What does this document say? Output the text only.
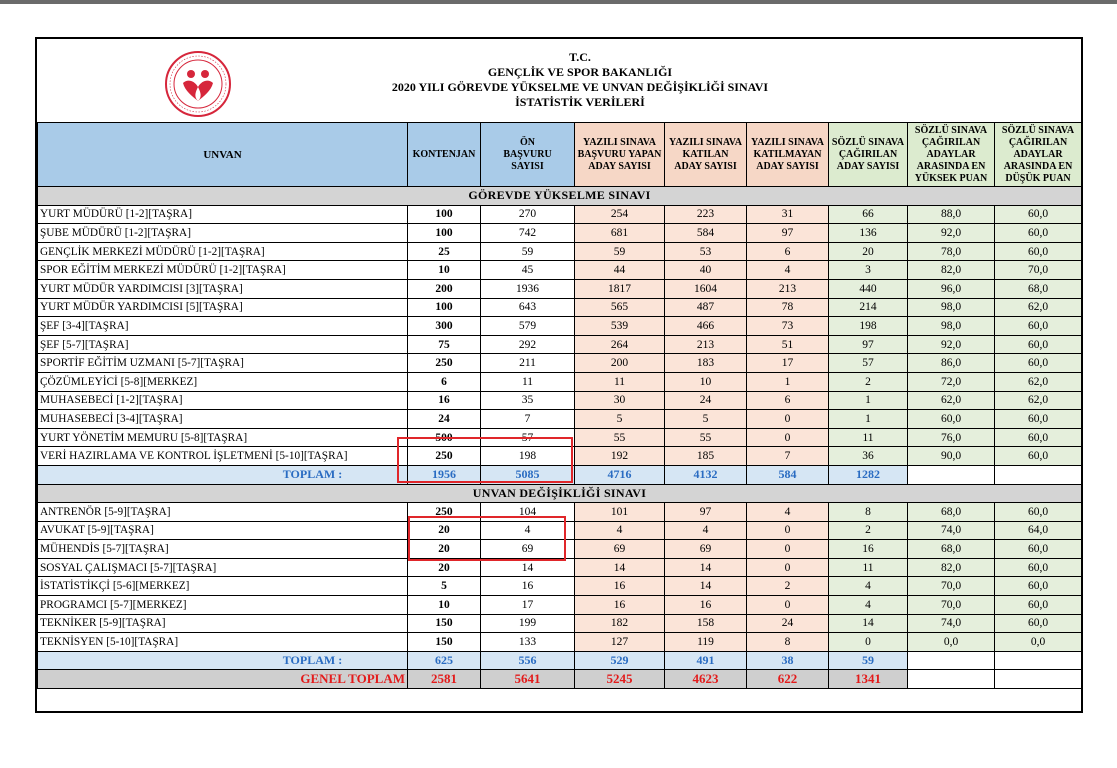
T.C.
GENÇLİK VE SPOR BAKANLIĞI
2020 YILI GÖREVDE YÜKSELME VE UNVAN DEĞİŞİKLİĞİ SINAVI
İSTATİSTİK VERİLERİ
UNVAN	KONTENJAN	ÖN BAŞVURU SAYISI	YAZILI SINAVA BAŞVURU YAPAN ADAY SAYISI	YAZILI SINAVA KATILAN ADAY SAYISI	YAZILI SINAVA KATILMAYAN ADAY SAYISI	SÖZLÜ SINAVA ÇAĞIRILAN ADAY SAYISI	SÖZLÜ SINAVA ÇAĞIRILAN ADAYLAR ARASINDA EN YÜKSEK PUAN	SÖZLÜ SINAVA ÇAĞIRILAN ADAYLAR ARASINDA EN DÜŞÜK PUAN
GÖREVDE YÜKSELME SINAVI								
YURT MÜDÜRÜ [1-2][TAŞRA]	100	270	254	223	31	66	88,0	60,0
ŞUBE MÜDÜRÜ [1-2][TAŞRA]	100	742	681	584	97	136	92,0	60,0
GENÇLİK MERKEZİ MÜDÜRÜ [1-2][TAŞRA]	25	59	59	53	6	20	78,0	60,0
SPOR EĞİTİM MERKEZİ MÜDÜRÜ [1-2][TAŞRA]	10	45	44	40	4	3	82,0	70,0
YURT MÜDÜR YARDIMCISI [3][TAŞRA]	200	1936	1817	1604	213	440	96,0	68,0
YURT MÜDÜR YARDIMCISI [5][TAŞRA]	100	643	565	487	78	214	98,0	62,0
ŞEF [3-4][TAŞRA]	300	579	539	466	73	198	98,0	60,0
ŞEF [5-7][TAŞRA]	75	292	264	213	51	97	92,0	60,0
SPORTİF EĞİTİM UZMANI [5-7][TAŞRA]	250	211	200	183	17	57	86,0	60,0
ÇÖZÜMLEYİCİ [5-8][MERKEZ]	6	11	11	10	1	2	72,0	62,0
MUHASEBECİ [1-2][TAŞRA]	16	35	30	24	6	1	62,0	62,0
MUHASEBECİ [3-4][TAŞRA]	24	7	5	5	0	1	60,0	60,0
YURT YÖNETİM MEMURU [5-8][TAŞRA]	500	57	55	55	0	11	76,0	60,0
VERİ HAZIRLAMA VE KONTROL İŞLETMENİ [5-10][TAŞRA]	250	198	192	185	7	36	90,0	60,0
TOPLAM :	1956	5085	4716	4132	584	1282		
UNVAN DEĞİŞİKLİĞİ SINAVI								
ANTRENÖR [5-9][TAŞRA]	250	104	101	97	4	8	68,0	60,0
AVUKAT [5-9][TAŞRA]	20	4	4	4	0	2	74,0	64,0
MÜHENDİS [5-7][TAŞRA]	20	69	69	69	0	16	68,0	60,0
SOSYAL ÇALIŞMACI [5-7][TAŞRA]	20	14	14	14	0	11	82,0	60,0
İSTATİSTİKÇİ [5-6][MERKEZ]	5	16	16	14	2	4	70,0	60,0
PROGRAMCI [5-7][MERKEZ]	10	17	16	16	0	4	70,0	60,0
TEKNİKER [5-9][TAŞRA]	150	199	182	158	24	14	74,0	60,0
TEKNİSYEN [5-10][TAŞRA]	150	133	127	119	8	0	0,0	0,0
TOPLAM :	625	556	529	491	38	59		
GENEL TOPLAM	2581	5641	5245	4623	622	1341		
